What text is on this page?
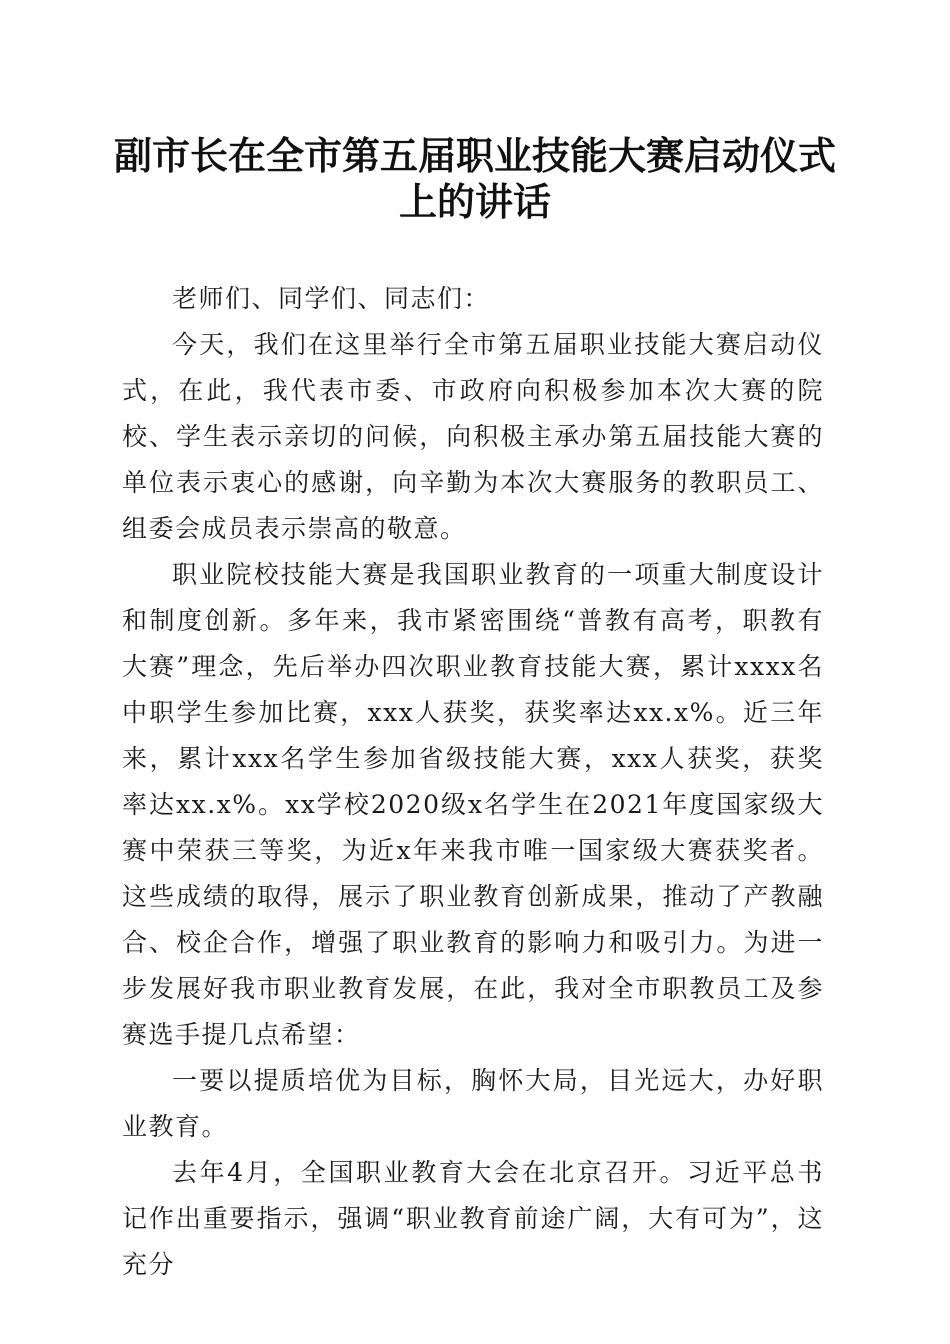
副市长在全市第五届职业技能大赛启动仪式上的讲话

老师们、同学们、同志们：

今天，我们在这里举行全市第五届职业技能大赛启动仪式，在此，我代表市委、市政府向积极参加本次大赛的院校、学生表示亲切的问候，向积极主承办第五届技能大赛的单位表示衷心的感谢，向辛勤为本次大赛服务的教职员工、组委会成员表示崇高的敬意。

职业院校技能大赛是我国职业教育的一项重大制度设计和制度创新。多年来，我市紧密围绕“普教有高考，职教有大赛”理念，先后举办四次职业教育技能大赛，累计xxxx名中职学生参加比赛，xxx人获奖，获奖率达xx.x%。近三年来，累计xxx名学生参加省级技能大赛，xxx人获奖，获奖率达xx.x%。xx学校2020级x名学生在2021年度国家级大赛中荣获三等奖，为近x年来我市唯一国家级大赛获奖者。这些成绩的取得，展示了职业教育创新成果，推动了产教融合、校企合作，增强了职业教育的影响力和吸引力。为进一步发展好我市职业教育发展，在此，我对全市职教员工及参赛选手提几点希望：

一要以提质培优为目标，胸怀大局，目光远大，办好职业教育。

去年4月，全国职业教育大会在北京召开。习近平总书记作出重要指示，强调“职业教育前途广阔，大有可为”，这充分
